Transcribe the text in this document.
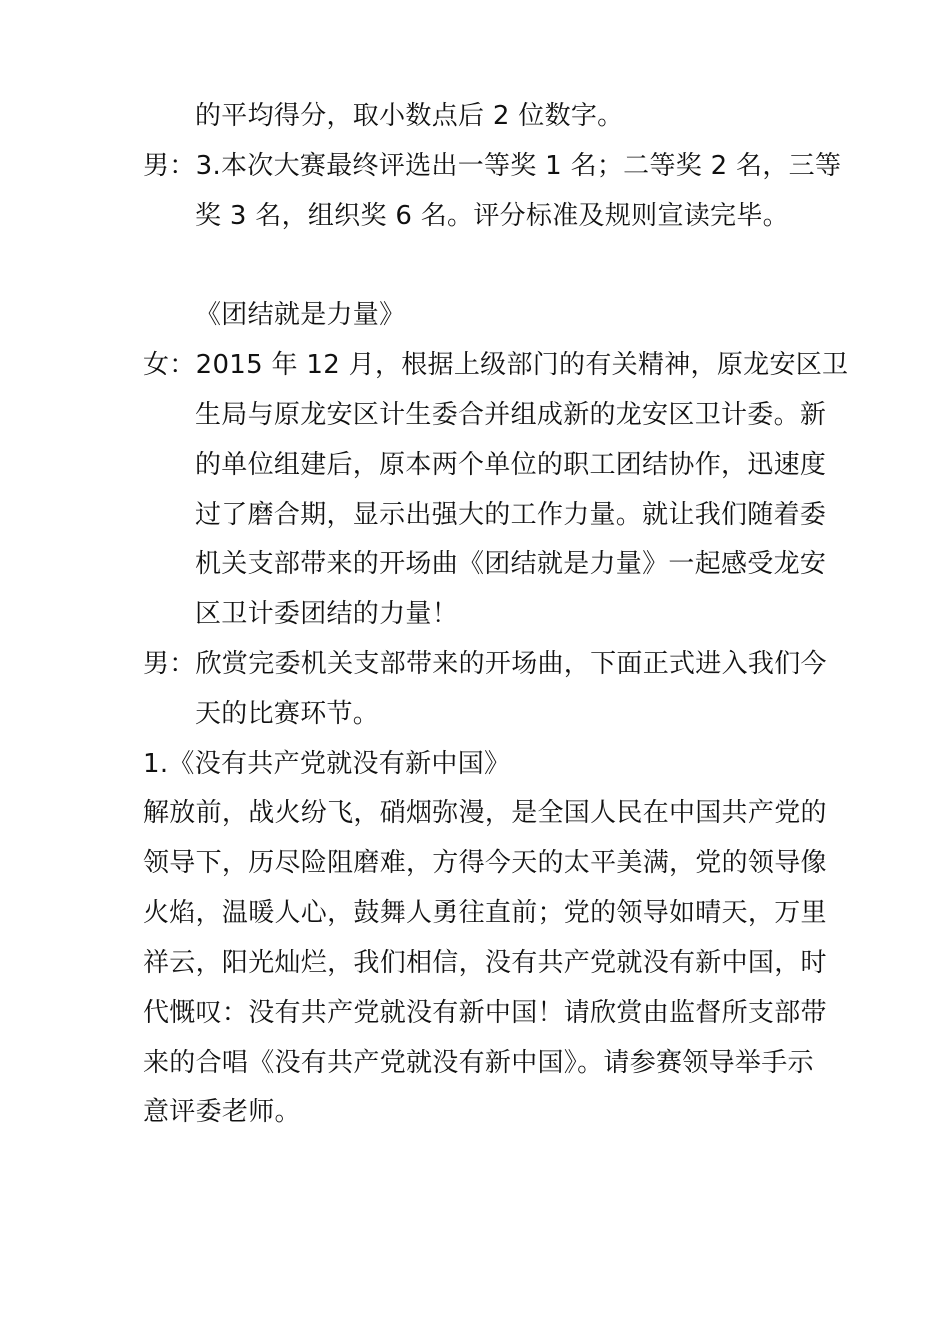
的平均得分，取小数点后 2 位数字。
男：3.本次大赛最终评选出一等奖 1 名；二等奖 2 名，三等
奖 3 名，组织奖 6 名。评分标准及规则宣读完毕。
《团结就是力量》
女：2015 年 12 月，根据上级部门的有关精神，原龙安区卫
生局与原龙安区计生委合并组成新的龙安区卫计委。新
的单位组建后，原本两个单位的职工团结协作，迅速度
过了磨合期，显示出强大的工作力量。就让我们随着委
机关支部带来的开场曲《团结就是力量》一起感受龙安
区卫计委团结的力量！
男：欣赏完委机关支部带来的开场曲，下面正式进入我们今
天的比赛环节。
1.《没有共产党就没有新中国》
解放前，战火纷飞，硝烟弥漫，是全国人民在中国共产党的
领导下，历尽险阻磨难，方得今天的太平美满，党的领导像
火焰，温暖人心，鼓舞人勇往直前；党的领导如晴天，万里
祥云，阳光灿烂，我们相信，没有共产党就没有新中国，时
代慨叹：没有共产党就没有新中国！请欣赏由监督所支部带
来的合唱《没有共产党就没有新中国》。请参赛领导举手示
意评委老师。
